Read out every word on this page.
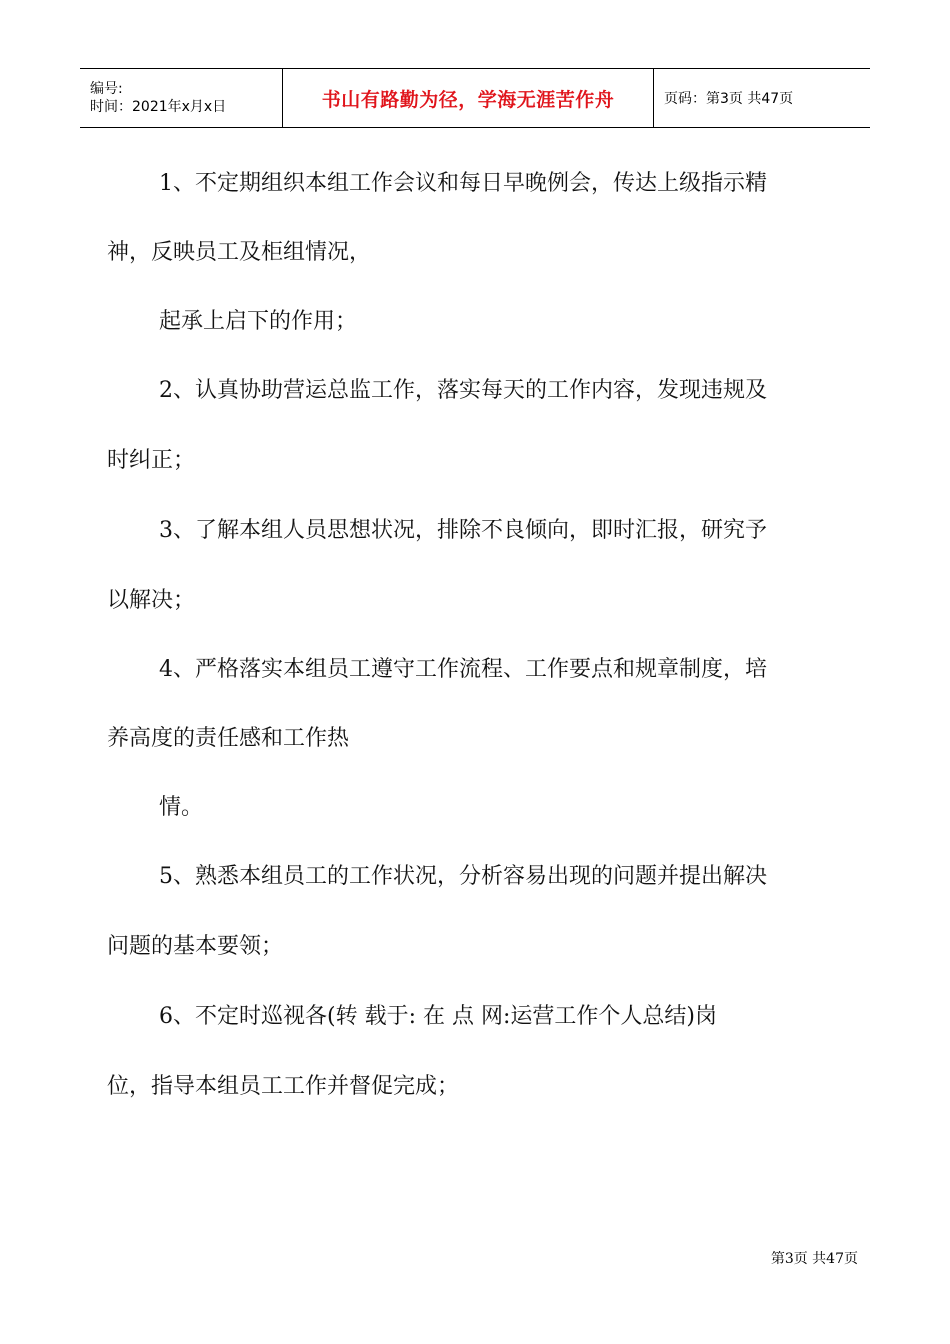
编号:
时间：2021年x月x日	书山有路勤为径，学海无涯苦作舟	页码：第3页 共47页

1、不定期组织本组工作会议和每日早晚例会，传达上级指示精

神，反映员工及柜组情况，

起承上启下的作用；

2、认真协助营运总监工作，落实每天的工作内容，发现违规及

时纠正；

3、了解本组人员思想状况，排除不良倾向，即时汇报，研究予

以解决；

4、严格落实本组员工遵守工作流程、工作要点和规章制度，培

养高度的责任感和工作热

情。

5、熟悉本组员工的工作状况，分析容易出现的问题并提出解决

问题的基本要领；

6、不定时巡视各(转 载于: 在 点 网:运营工作个人总结)岗

位，指导本组员工工作并督促完成；

第3页 共47页
